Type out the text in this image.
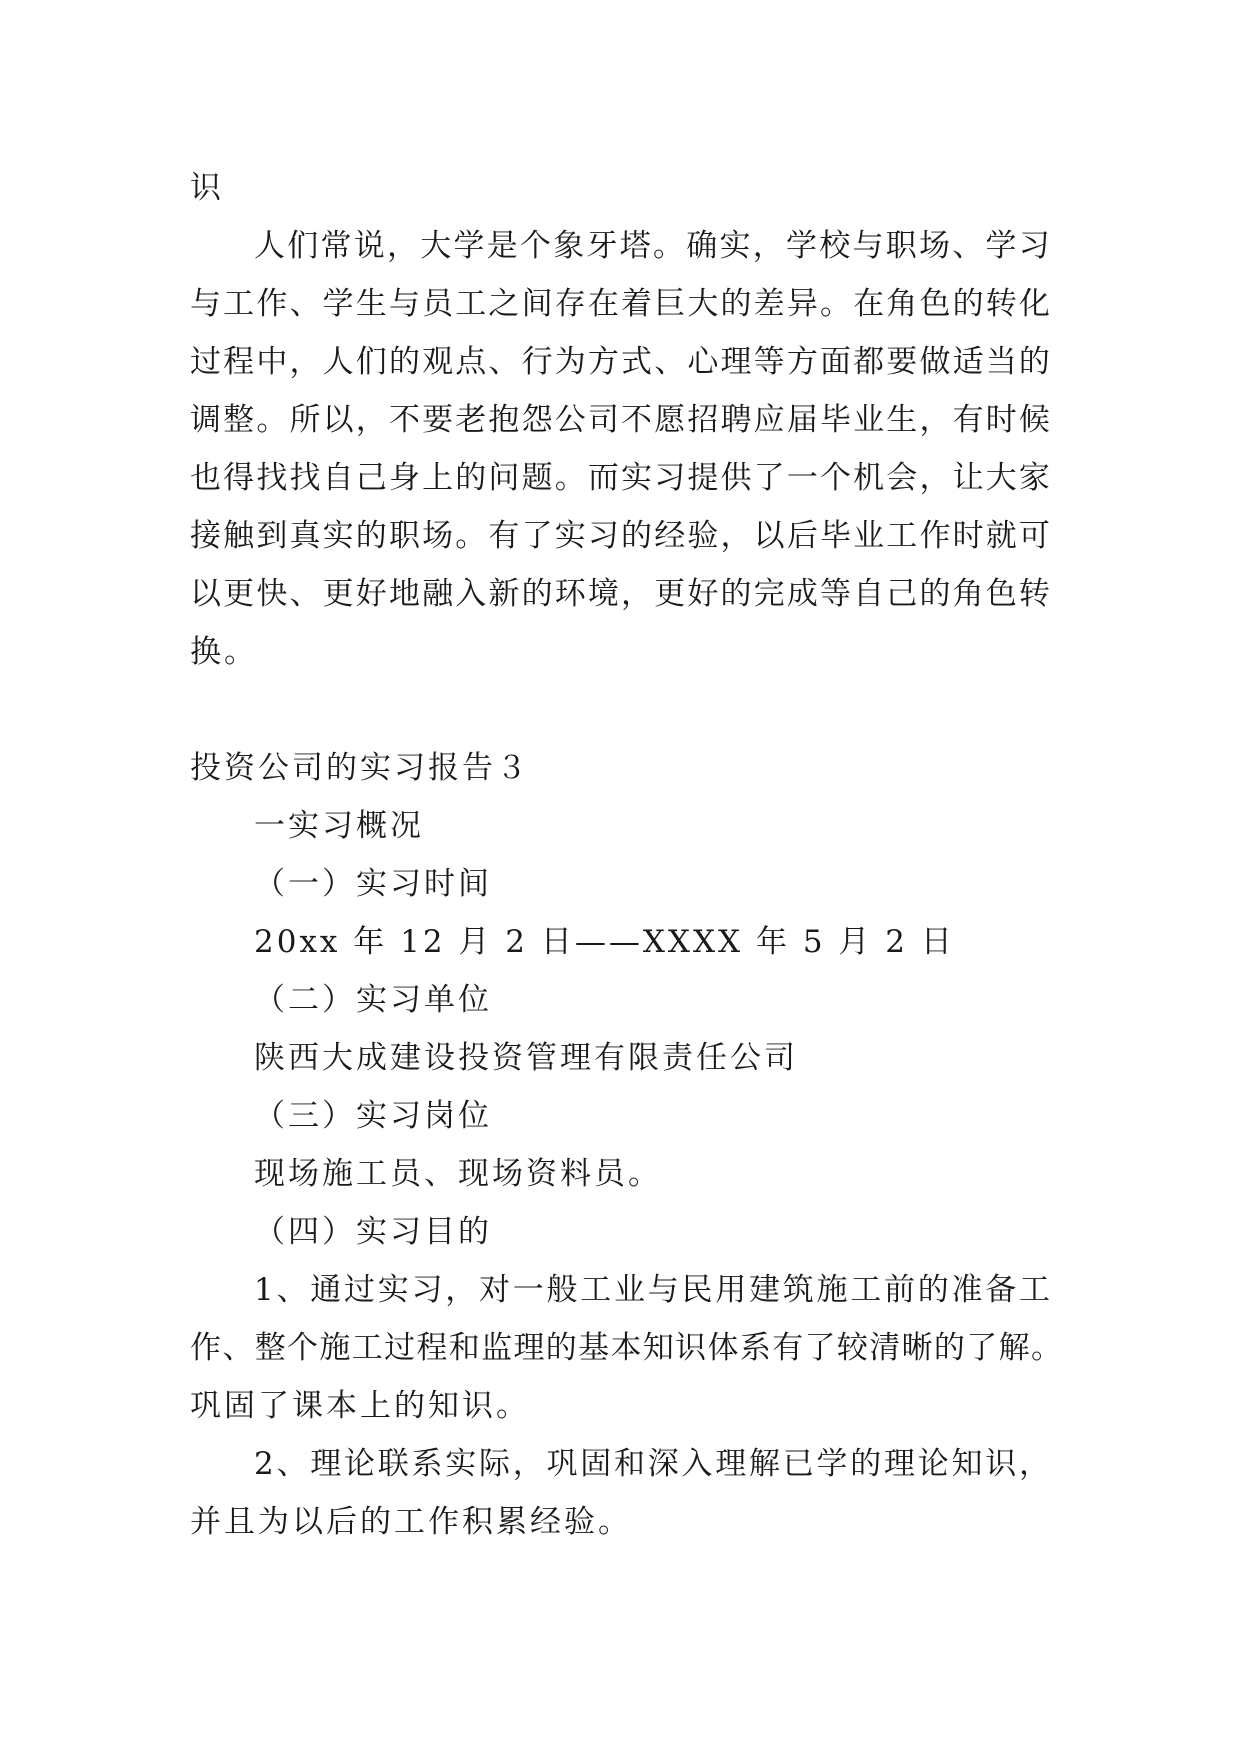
识
人 们 常 说 ， 大 学 是 个 象 牙 塔 。 确 实 ， 学 校 与 职 场 、 学 习
与 工 作 、 学 生 与 员 工 之 间 存 在 着 巨 大 的 差 异 。 在 角 色 的 转 化
过 程 中 ， 人 们 的 观 点 、 行 为 方 式 、 心 理 等 方 面 都 要 做 适 当 的
调 整 。 所 以 ， 不 要 老 抱 怨 公 司 不 愿 招 聘 应 届 毕 业 生 ， 有 时 候
也 得 找 找 自 己 身 上 的 问 题 。 而 实 习 提 供 了 一 个 机 会 ， 让 大 家
接 触 到 真 实 的 职 场 。 有 了 实 习 的 经 验 ， 以 后 毕 业 工 作 时 就 可
以 更 快 、 更 好 地 融 入 新 的 环 境 ， 更 好 的 完 成 等 自 己 的 角 色 转
换。
投资公司的实习报告３
一实习概况
（一）实习时间
20xx 年 12 月 2 日——XXXX 年 5 月 2 日
（二）实习单位
陕西大成建设投资管理有限责任公司
（三）实习岗位
现场施工员、现场资料员。
（四）实习目的
1 、 通 过 实 习 ， 对 一 般 工 业 与 民 用 建 筑 施 工 前 的 准 备 工
作 、 整 个 施 工 过 程 和 监 理 的 基 本 知 识 体 系 有 了 较 清 晰 的 了 解 。
巩固了课本上的知识。
2 、 理 论 联 系 实 际 ， 巩 固 和 深 入 理 解 已 学 的 理 论 知 识 ，
并且为以后的工作积累经验。
